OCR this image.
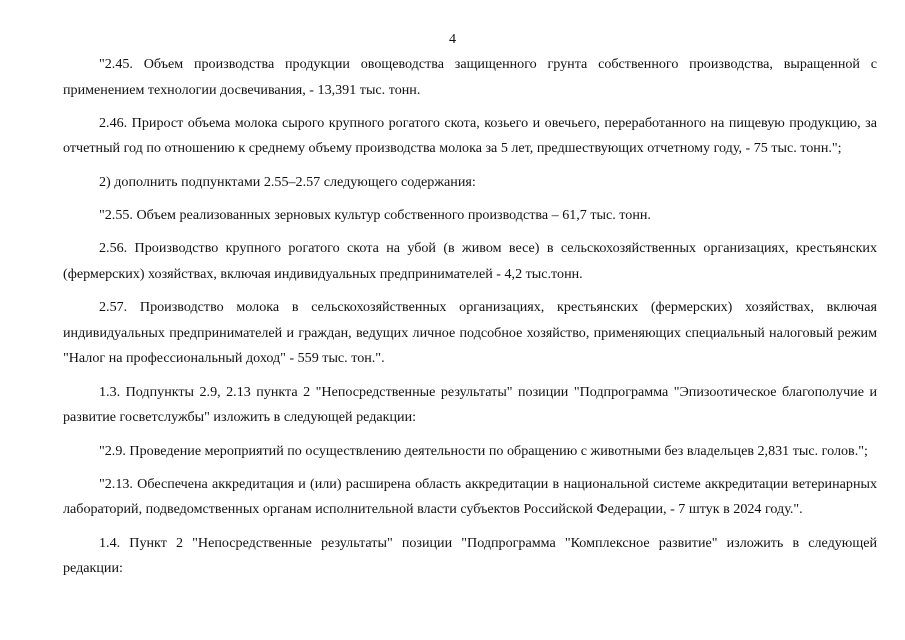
4

"2.45. Объем производства продукции овощеводства защищенного грунта собственного производства, выращенной с применением технологии досвечивания, - 13,391 тыс. тонн.

2.46. Прирост объема молока сырого крупного рогатого скота, козьего и овечьего, переработанного на пищевую продукцию, за отчетный год по отношению к среднему объему производства молока за 5 лет, предшествующих отчетному году, - 75 тыс. тонн.";

2) дополнить подпунктами 2.55–2.57 следующего содержания:

"2.55. Объем реализованных зерновых культур собственного производства – 61,7 тыс. тонн.

2.56. Производство крупного рогатого скота на убой (в живом весе) в сельскохозяйственных организациях, крестьянских (фермерских) хозяйствах, включая индивидуальных предпринимателей - 4,2 тыс.тонн.

2.57. Производство молока в сельскохозяйственных организациях, крестьянских (фермерских) хозяйствах, включая индивидуальных предпринимателей и граждан, ведущих личное подсобное хозяйство, применяющих специальный налоговый режим "Налог на профессиональный доход" - 559 тыс. тон.".

1.3. Подпункты 2.9, 2.13 пункта 2 "Непосредственные результаты" позиции "Подпрограмма "Эпизоотическое благополучие и развитие госветслужбы" изложить в следующей редакции:

"2.9. Проведение мероприятий по осуществлению деятельности по обращению с животными без владельцев 2,831 тыс. голов.";

"2.13. Обеспечена аккредитация и (или) расширена область аккредитации в национальной системе аккредитации ветеринарных лабораторий, подведомственных органам исполнительной власти субъектов Российской Федерации, - 7 штук в 2024 году.".

1.4. Пункт 2 "Непосредственные результаты" позиции "Подпрограмма "Комплексное развитие" изложить в следующей редакции:
